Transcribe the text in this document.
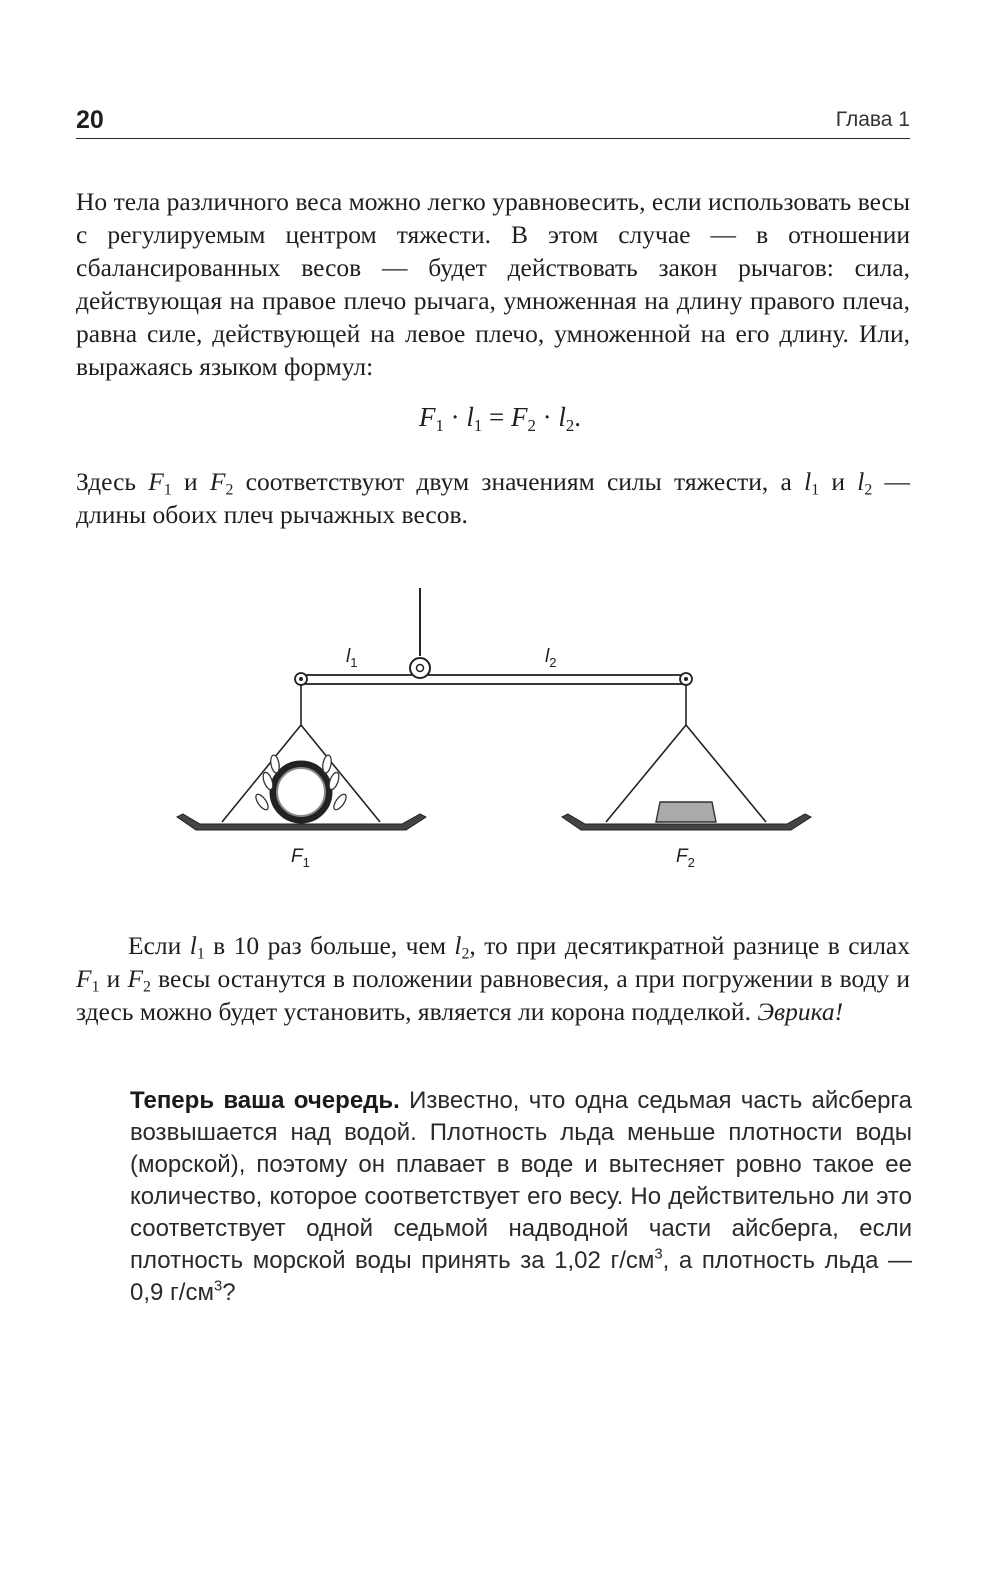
20	Глава 1

Но тела различного веса можно легко уравновесить, если использовать весы с регулируемым центром тяжести. В этом случае — в отношении сбалансированных весов — будет действовать закон рычагов: сила, действующая на правое плечо рычага, умноженная на длину правого плеча, равна силе, действующей на левое плечо, умноженной на его длину. Или, выражаясь языком формул:

$F_1 \cdot l_1 = F_2 \cdot l_2$.

Здесь $F_1$ и $F_2$ соответствуют двум значениям силы тяжести, а $l_1$ и $l_2$ — длины обоих плеч рычажных весов.

$l_1$	$l_2$
$F_1$	$F_2$

Если $l_1$ в 10 раз больше, чем $l_2$, то при десятикратной разнице в силах $F_1$ и $F_2$ весы останутся в положении равновесия, а при погружении в воду и здесь можно будет установить, является ли корона подделкой. Эврика!

Теперь ваша очередь. Известно, что одна седьмая часть айсберга возвышается над водой. Плотность льда меньше плотности воды (морской), поэтому он плавает в воде и вытесняет ровно такое ее количество, которое соответствует его весу. Но действительно ли это соответствует одной седьмой надводной части айсберга, если плотность морской воды принять за 1,02 $г/см^3$, а плотность льда — 0,9 $г/см^3$?
